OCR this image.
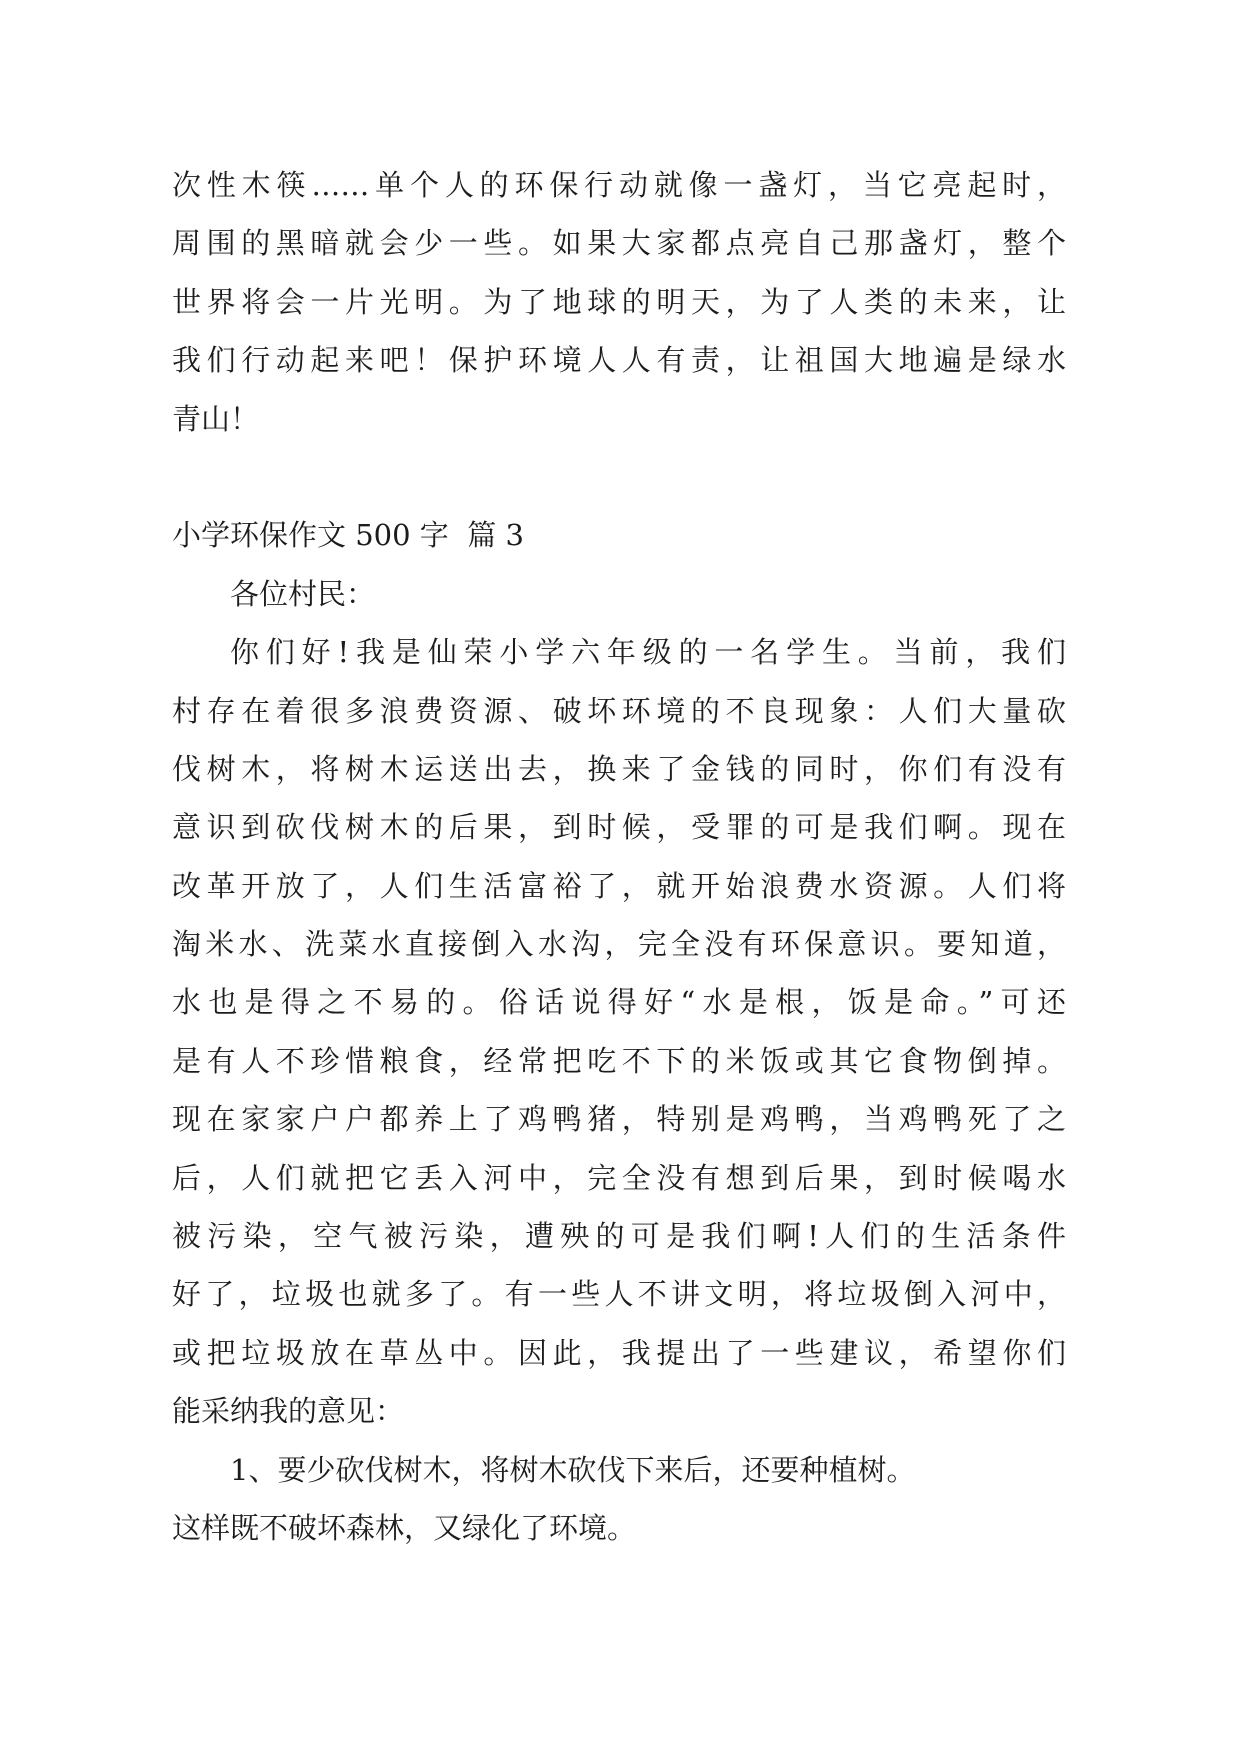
次性木筷……单个人的环保行动就像一盏灯，当它亮起时，
周围的黑暗就会少一些。如果大家都点亮自己那盏灯，整个
世界将会一片光明。为了地球的明天，为了人类的未来，让
我们行动起来吧！保护环境人人有责，让祖国大地遍是绿水
青山！
小学环保作文 500 字  篇 3
各位村民：
你们好!我是仙荣小学六年级的一名学生。当前，我们
村存在着很多浪费资源、破坏环境的不良现象：人们大量砍
伐树木，将树木运送出去，换来了金钱的同时，你们有没有
意识到砍伐树木的后果，到时候，受罪的可是我们啊。现在
改革开放了，人们生活富裕了，就开始浪费水资源。人们将
淘米水、洗菜水直接倒入水沟，完全没有环保意识。要知道，
水也是得之不易的。俗话说得好“水是根，饭是命。”可还
是有人不珍惜粮食，经常把吃不下的米饭或其它食物倒掉。
现在家家户户都养上了鸡鸭猪，特别是鸡鸭，当鸡鸭死了之
后，人们就把它丢入河中，完全没有想到后果，到时候喝水
被污染，空气被污染，遭殃的可是我们啊!人们的生活条件
好了，垃圾也就多了。有一些人不讲文明，将垃圾倒入河中，
或把垃圾放在草丛中。因此，我提出了一些建议，希望你们
能采纳我的意见：
1、要少砍伐树木，将树木砍伐下来后，还要种植树。
这样既不破坏森林，又绿化了环境。
